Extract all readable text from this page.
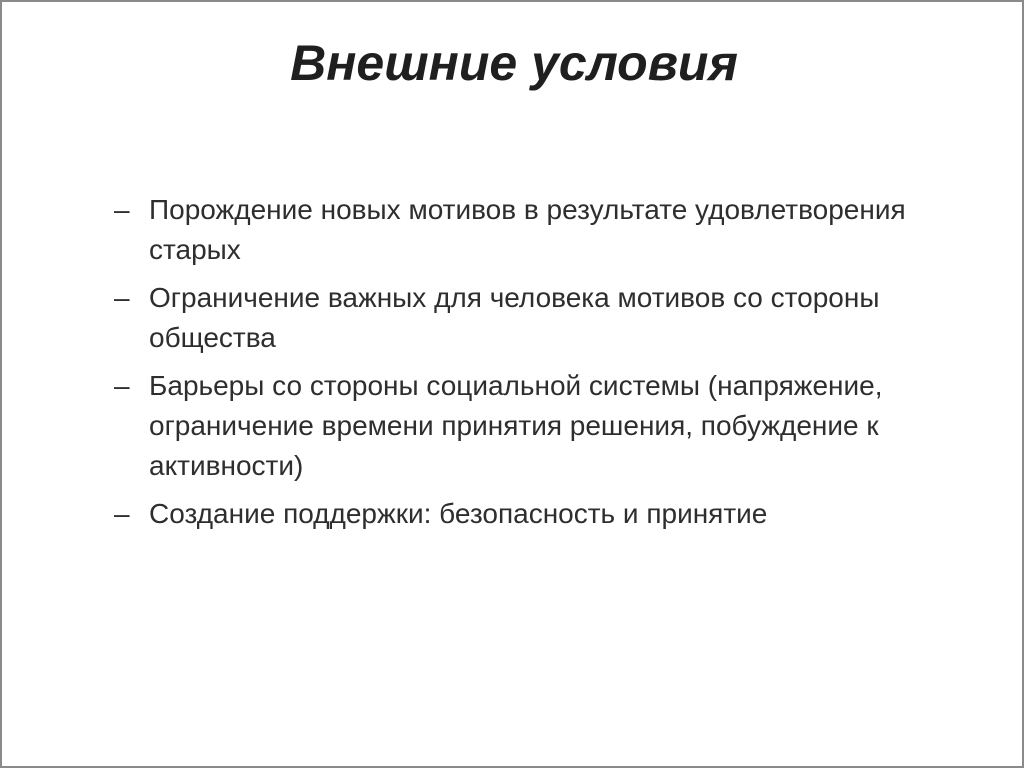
Внешние условия
– Порождение новых мотивов в результате удовлетворения старых
– Ограничение важных для человека мотивов со стороны общества
– Барьеры со стороны социальной системы (напряжение, ограничение времени принятия решения, побуждение к активности)
– Создание поддержки: безопасность и принятие
